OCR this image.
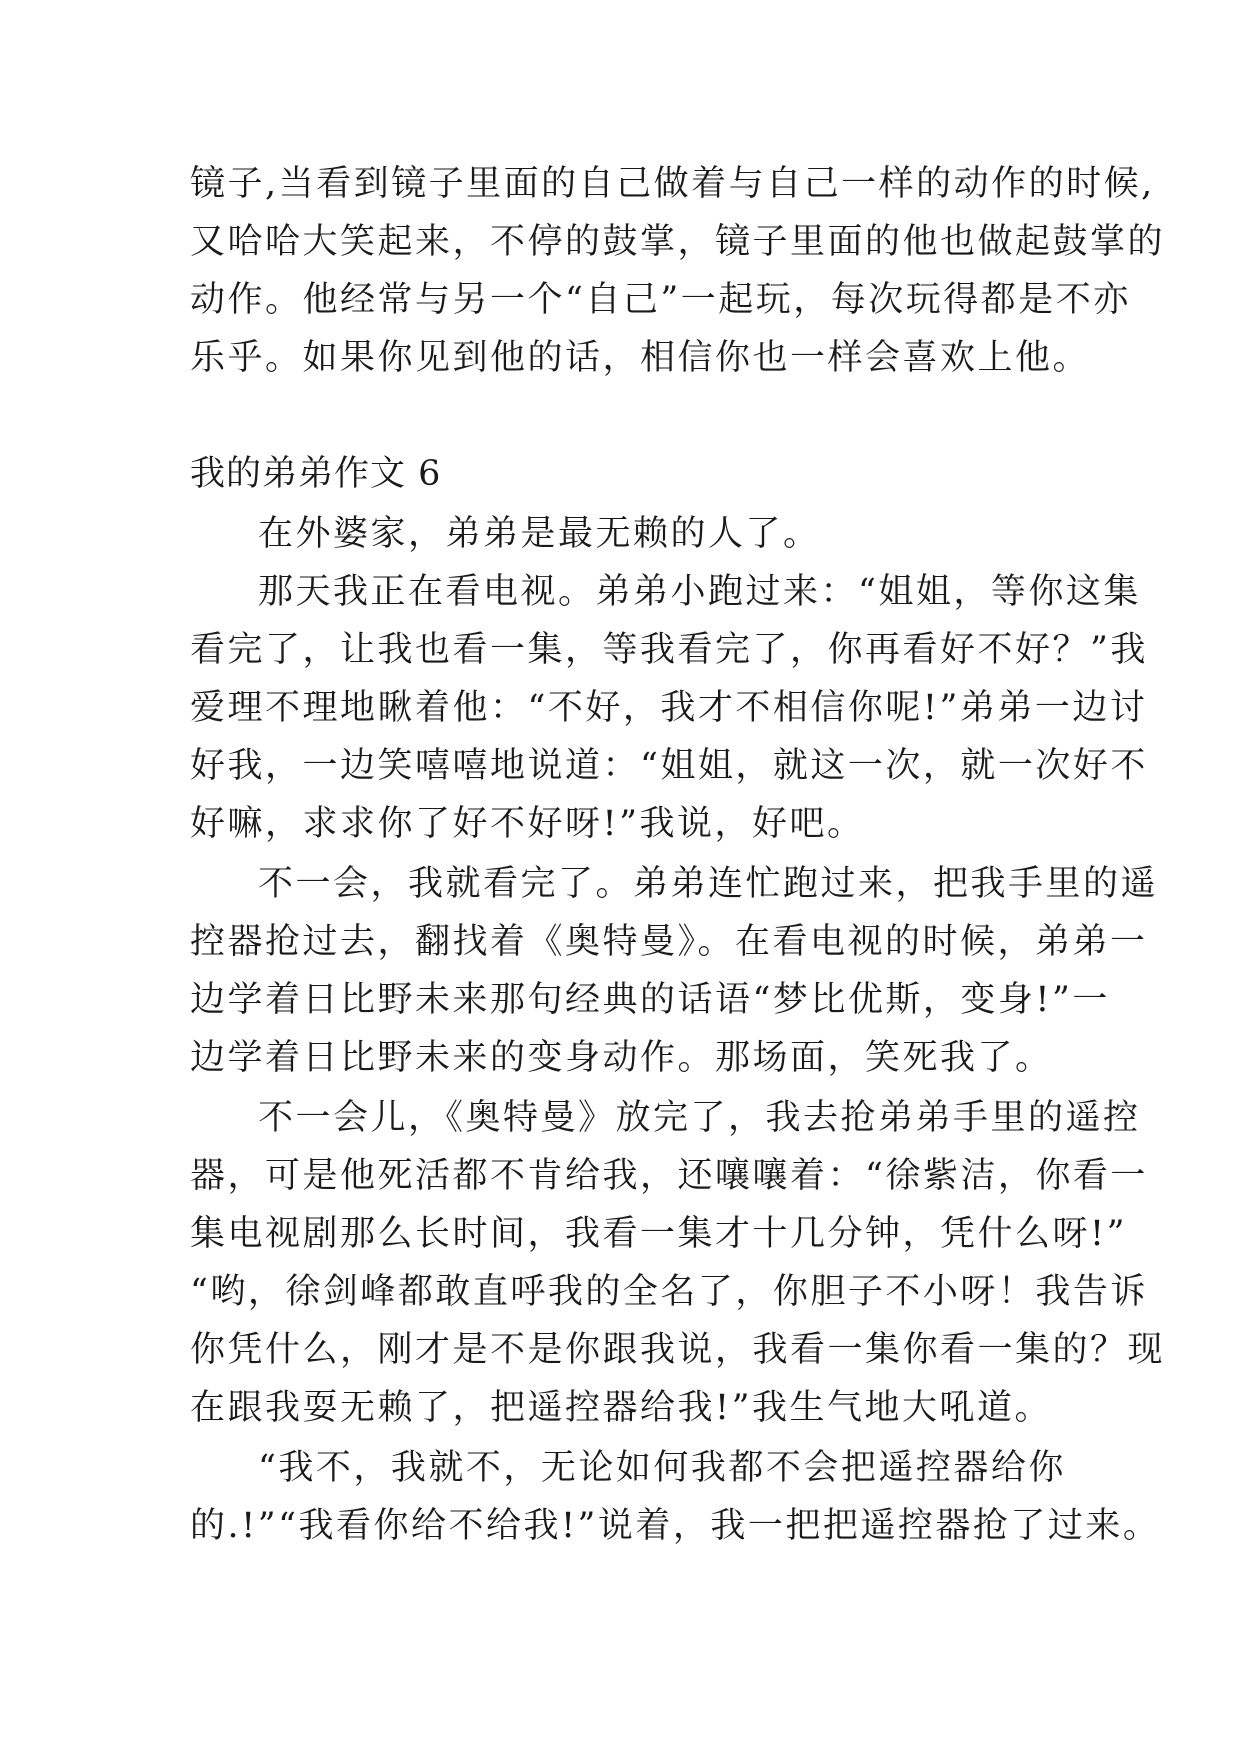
镜子,当看到镜子里面的自己做着与自己一样的动作的时候,
又哈哈大笑起来，不停的鼓掌，镜子里面的他也做起鼓掌的
动作。他经常与另一个“自己”一起玩，每次玩得都是不亦
乐乎。如果你见到他的话，相信你也一样会喜欢上他。
我的弟弟作文 6
在外婆家，弟弟是最无赖的人了。
那天我正在看电视。弟弟小跑过来：“姐姐，等你这集
看完了，让我也看一集，等我看完了，你再看好不好？”我
爱理不理地瞅着他：“不好，我才不相信你呢!”弟弟一边讨
好我，一边笑嘻嘻地说道：“姐姐，就这一次，就一次好不
好嘛，求求你了好不好呀!”我说，好吧。
不一会，我就看完了。弟弟连忙跑过来，把我手里的遥
控器抢过去，翻找着《奥特曼》。在看电视的时候，弟弟一
边学着日比野未来那句经典的话语“梦比优斯，变身!”一
边学着日比野未来的变身动作。那场面，笑死我了。
不一会儿，《奥特曼》放完了，我去抢弟弟手里的遥控
器，可是他死活都不肯给我，还嚷嚷着：“徐紫洁，你看一
集电视剧那么长时间，我看一集才十几分钟，凭什么呀!”
“哟，徐剑峰都敢直呼我的全名了，你胆子不小呀！我告诉
你凭什么，刚才是不是你跟我说，我看一集你看一集的？现
在跟我耍无赖了，把遥控器给我!”我生气地大吼道。
“我不，我就不，无论如何我都不会把遥控器给你
的.!”“我看你给不给我!”说着，我一把把遥控器抢了过来。
